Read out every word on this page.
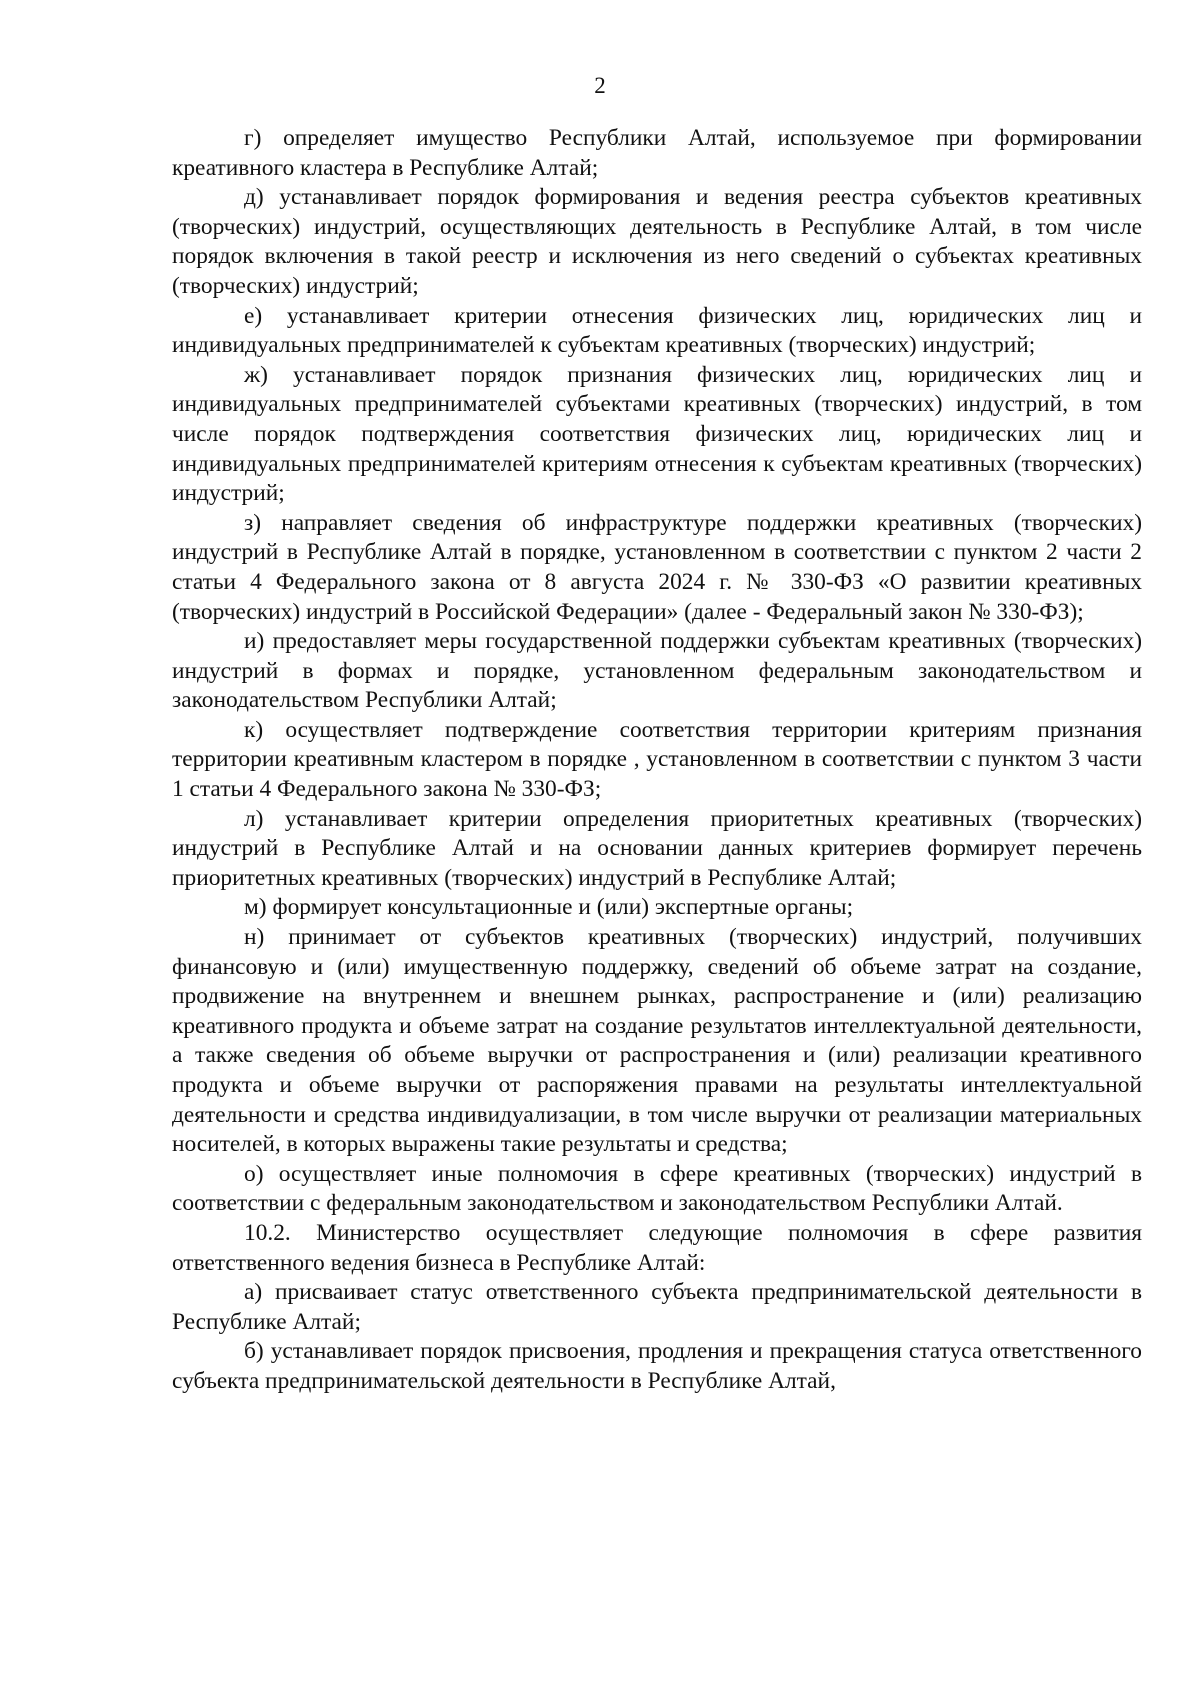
2

г) определяет имущество Республики Алтай, используемое при формировании креативного кластера в Республике Алтай;

д) устанавливает порядок формирования и ведения реестра субъектов креативных (творческих) индустрий, осуществляющих деятельность в Республике Алтай, в том числе порядок включения в такой реестр и исключения из него сведений о субъектах креативных (творческих) индустрий;

е) устанавливает критерии отнесения физических лиц, юридических лиц и индивидуальных предпринимателей к субъектам креативных (творческих) индустрий;

ж) устанавливает порядок признания физических лиц, юридических лиц и индивидуальных предпринимателей субъектами креативных (творческих) индустрий, в том числе порядок подтверждения соответствия физических лиц, юридических лиц и индивидуальных предпринимателей критериям отнесения к субъектам креативных (творческих) индустрий;

з) направляет сведения об инфраструктуре поддержки креативных (творческих) индустрий в Республике Алтай в порядке, установленном в соответствии с пунктом 2 части 2 статьи 4 Федерального закона от 8 августа 2024 г. № 330-ФЗ «О развитии креативных (творческих) индустрий в Российской Федерации» (далее - Федеральный закон № 330-ФЗ);

и) предоставляет меры государственной поддержки субъектам креативных (творческих) индустрий в формах и порядке, установленном федеральным законодательством и законодательством Республики Алтай;

к) осуществляет подтверждение соответствия территории критериям признания территории креативным кластером в порядке , установленном в соответствии с пунктом 3 части 1 статьи 4 Федерального закона № 330-ФЗ;

л) устанавливает критерии определения приоритетных креативных (творческих) индустрий в Республике Алтай и на основании данных критериев формирует перечень приоритетных креативных (творческих) индустрий в Республике Алтай;

м) формирует консультационные и (или) экспертные органы;

н) принимает от субъектов креативных (творческих) индустрий, получивших финансовую и (или) имущественную поддержку, сведений об объеме затрат на создание, продвижение на внутреннем и внешнем рынках, распространение и (или) реализацию креативного продукта и объеме затрат на создание результатов интеллектуальной деятельности, а также сведения об объеме выручки от распространения и (или) реализации креативного продукта и объеме выручки от распоряжения правами на результаты интеллектуальной деятельности и средства индивидуализации, в том числе выручки от реализации материальных носителей, в которых выражены такие результаты и средства;

о) осуществляет иные полномочия в сфере креативных (творческих) индустрий в соответствии с федеральным законодательством и законодательством Республики Алтай.

10.2. Министерство осуществляет следующие полномочия в сфере развития ответственного ведения бизнеса в Республике Алтай:

а) присваивает статус ответственного субъекта предпринимательской деятельности в Республике Алтай;

б) устанавливает порядок присвоения, продления и прекращения статуса ответственного субъекта предпринимательской деятельности в Республике Алтай,
